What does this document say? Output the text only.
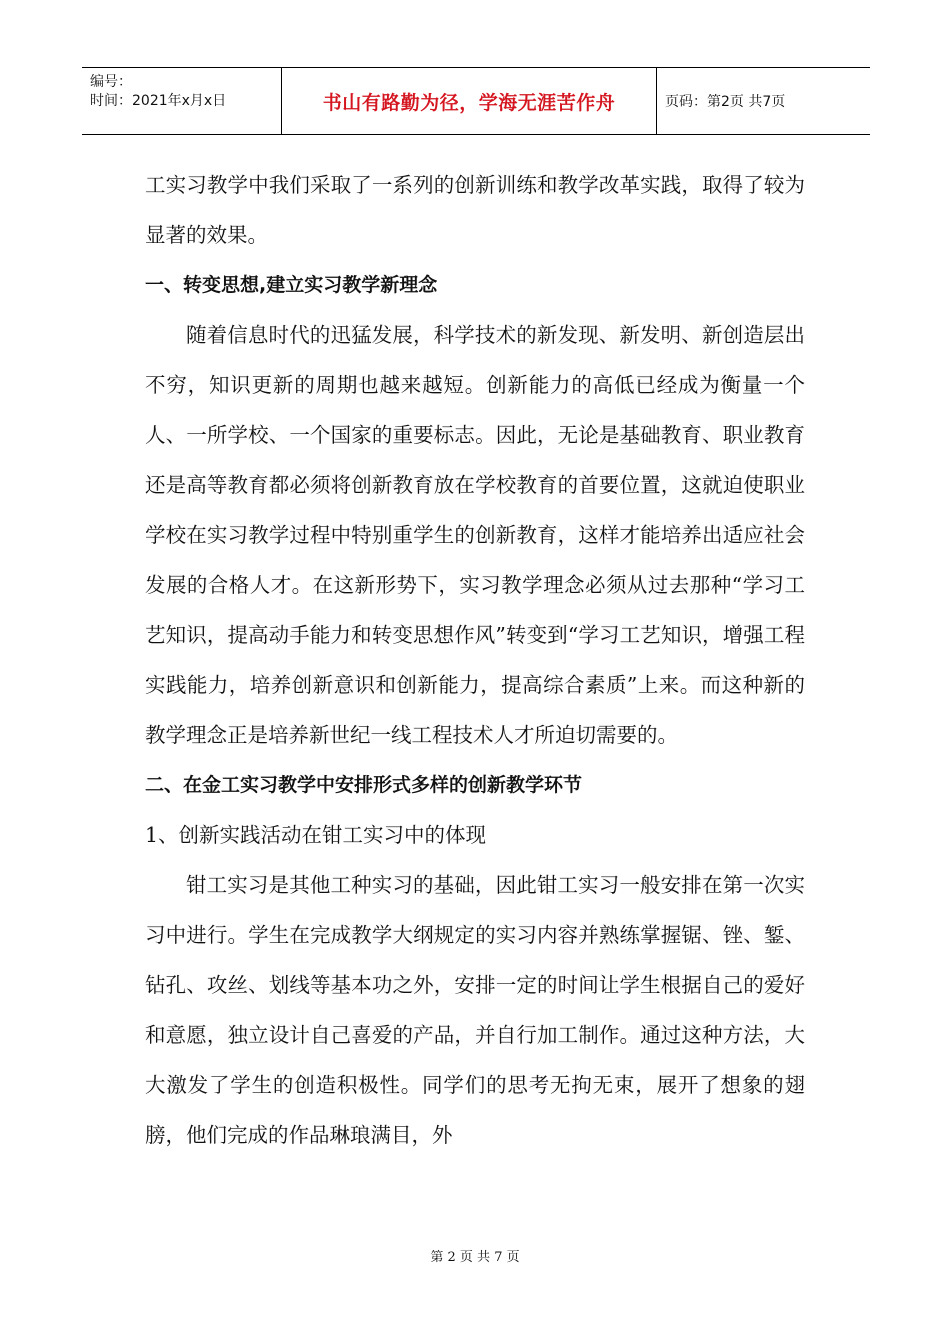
编号：
时间：2021年x月x日	书山有路勤为径，学海无涯苦作舟	页码：第2页 共7页

工实习教学中我们采取了一系列的创新训练和教学改革实践，取得了较为显著的效果。

一、转变思想,建立实习教学新理念

随着信息时代的迅猛发展，科学技术的新发现、新发明、新创造层出不穷，知识更新的周期也越来越短。创新能力的高低已经成为衡量一个人、一所学校、一个国家的重要标志。因此，无论是基础教育、职业教育还是高等教育都必须将创新教育放在学校教育的首要位置，这就迫使职业学校在实习教学过程中特别重学生的创新教育，这样才能培养出适应社会发展的合格人才。在这新形势下，实习教学理念必须从过去那种“学习工艺知识，提高动手能力和转变思想作风”转变到“学习工艺知识，增强工程实践能力，培养创新意识和创新能力，提高综合素质”上来。而这种新的教学理念正是培养新世纪一线工程技术人才所迫切需要的。

二、在金工实习教学中安排形式多样的创新教学环节

1、创新实践活动在钳工实习中的体现

钳工实习是其他工种实习的基础，因此钳工实习一般安排在第一次实习中进行。学生在完成教学大纲规定的实习内容并熟练掌握锯、锉、錾、钻孔、攻丝、划线等基本功之外，安排一定的时间让学生根据自己的爱好和意愿，独立设计自己喜爱的产品，并自行加工制作。通过这种方法，大大激发了学生的创造积极性。同学们的思考无拘无束，展开了想象的翅膀，他们完成的作品琳琅满目，外

第 2 页 共 7 页
